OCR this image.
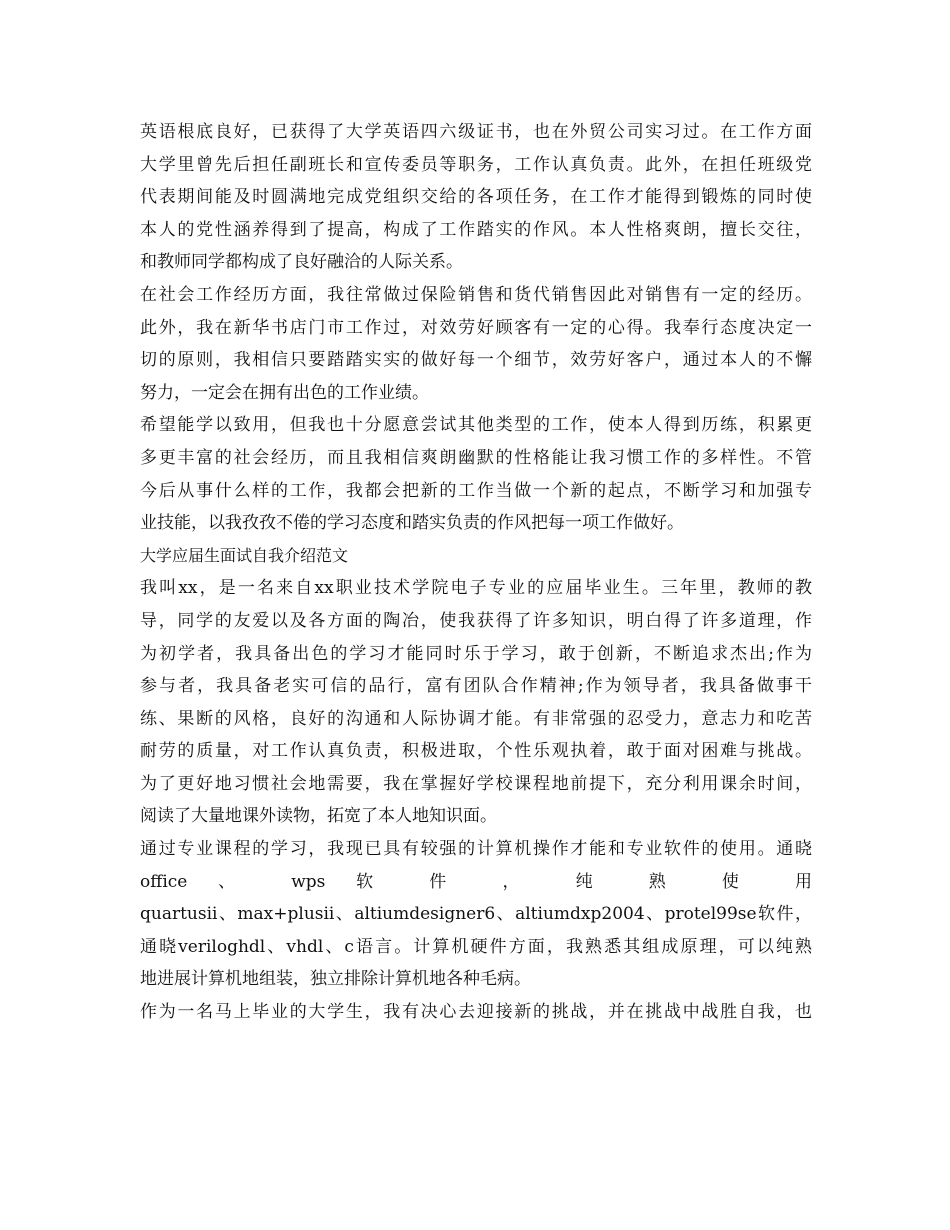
英语根底良好，已获得了大学英语四六级证书，也在外贸公司实习过。在工作方面
大学里曾先后担任副班长和宣传委员等职务，工作认真负责。此外，在担任班级党
代表期间能及时圆满地完成党组织交给的各项任务，在工作才能得到锻炼的同时使
本人的党性涵养得到了提高，构成了工作踏实的作风。本人性格爽朗，擅长交往，
和教师同学都构成了良好融洽的人际关系。
在社会工作经历方面，我往常做过保险销售和货代销售因此对销售有一定的经历。
此外，我在新华书店门市工作过，对效劳好顾客有一定的心得。我奉行态度决定一
切的原则，我相信只要踏踏实实的做好每一个细节，效劳好客户，通过本人的不懈
努力，一定会在拥有出色的工作业绩。
希望能学以致用，但我也十分愿意尝试其他类型的工作，使本人得到历练，积累更
多更丰富的社会经历，而且我相信爽朗幽默的性格能让我习惯工作的多样性。不管
今后从事什么样的工作，我都会把新的工作当做一个新的起点，不断学习和加强专
业技能，以我孜孜不倦的学习态度和踏实负责的作风把每一项工作做好。
大学应届生面试自我介绍范文
我叫xx，是一名来自xx职业技术学院电子专业的应届毕业生。三年里，教师的教
导，同学的友爱以及各方面的陶冶，使我获得了许多知识，明白得了许多道理，作
为初学者，我具备出色的学习才能同时乐于学习，敢于创新，不断追求杰出;作为
参与者，我具备老实可信的品行，富有团队合作精神;作为领导者，我具备做事干
练、果断的风格，良好的沟通和人际协调才能。有非常强的忍受力，意志力和吃苦
耐劳的质量，对工作认真负责，积极进取，个性乐观执着，敢于面对困难与挑战。
为了更好地习惯社会地需要，我在掌握好学校课程地前提下，充分利用课余时间，
阅读了大量地课外读物，拓宽了本人地知识面。
通过专业课程的学习，我现已具有较强的计算机操作才能和专业软件的使用。通晓
office 、 wps 软 件 ， 纯 熟 使 用
quartusii、max+plusii、altiumdesigner6、altiumdxp2004、protel99se软件，
通晓veriloghdl、vhdl、c语言。计算机硬件方面，我熟悉其组成原理，可以纯熟
地进展计算机地组装，独立排除计算机地各种毛病。
作为一名马上毕业的大学生，我有决心去迎接新的挑战，并在挑战中战胜自我，也
